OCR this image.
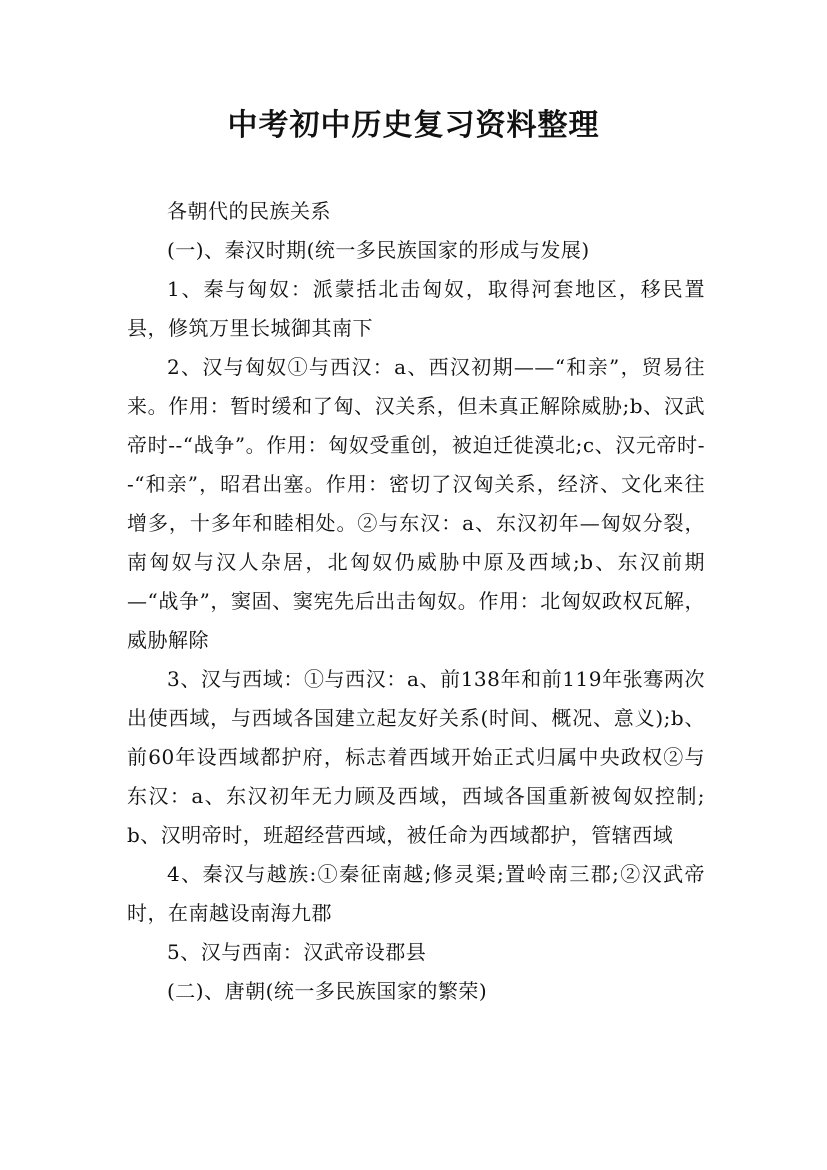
中考初中历史复习资料整理

各朝代的民族关系

(一)、秦汉时期(统一多民族国家的形成与发展)

1、秦与匈奴：派蒙括北击匈奴，取得河套地区，移民置县，修筑万里长城御其南下

2、汉与匈奴①与西汉：a、西汉初期——“和亲”，贸易往来。作用：暂时缓和了匈、汉关系，但未真正解除威胁;b、汉武帝时--“战争”。作用：匈奴受重创，被迫迁徙漠北;c、汉元帝时--“和亲”，昭君出塞。作用：密切了汉匈关系，经济、文化来往增多，十多年和睦相处。②与东汉：a、东汉初年—匈奴分裂，南匈奴与汉人杂居，北匈奴仍威胁中原及西域;b、东汉前期—“战争”，窦固、窦宪先后出击匈奴。作用：北匈奴政权瓦解，威胁解除

3、汉与西域：①与西汉：a、前138年和前119年张骞两次出使西域，与西域各国建立起友好关系(时间、概况、意义);b、前60年设西域都护府，标志着西域开始正式归属中央政权②与东汉：a、东汉初年无力顾及西域，西域各国重新被匈奴控制;b、汉明帝时，班超经营西域，被任命为西域都护，管辖西域

4、秦汉与越族:①秦征南越;修灵渠;置岭南三郡;②汉武帝时，在南越设南海九郡

5、汉与西南：汉武帝设郡县

(二)、唐朝(统一多民族国家的繁荣)
